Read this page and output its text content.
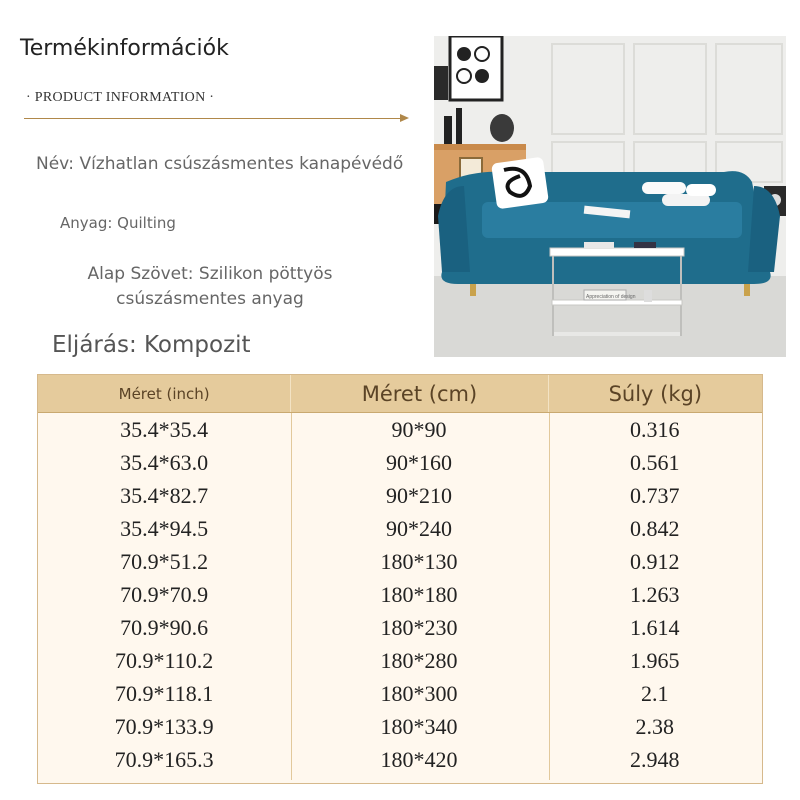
Termékinformációk
· PRODUCT INFORMATION ·

Név: Vízhatlan csúszásmentes kanapévédő

Anyag: Quilting

Alap Szövet: Szilikon pöttyös
csúszásmentes anyag

Eljárás: Kompozit

Appreciation of design
Méret (inch)	Méret (cm)	Súly (kg)
35.4*35.4	90*90	0.316
35.4*63.0	90*160	0.561
35.4*82.7	90*210	0.737
35.4*94.5	90*240	0.842
70.9*51.2	180*130	0.912
70.9*70.9	180*180	1.263
70.9*90.6	180*230	1.614
70.9*110.2	180*280	1.965
70.9*118.1	180*300	2.1
70.9*133.9	180*340	2.38
70.9*165.3	180*420	2.948
